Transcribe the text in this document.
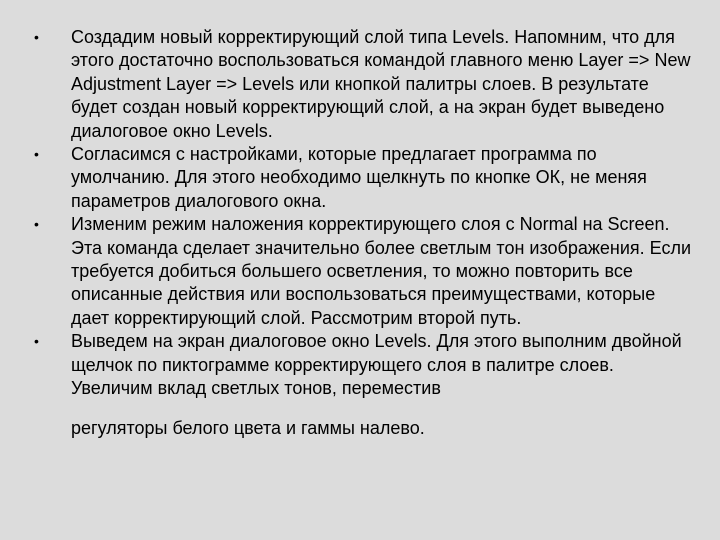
• Создадим новый корректирующий слой типа Levels. Напомним, что для этого достаточно воспользоваться командой главного меню Layer => New Adjustment Layer => Levels или кнопкой палитры слоев. В результате будет создан новый корректирующий слой, а на экран будет выведено диалоговое окно Levels.
• Согласимся с настройками, которые предлагает программа по умолчанию. Для этого необходимо щелкнуть по кнопке ОК, не меняя параметров диалогового окна.
• Изменим режим наложения корректирующего слоя с Normal на Screen. Эта команда сделает значительно более светлым тон изображения. Если требуется добиться большего осветления, то можно повторить все описанные действия или воспользоваться преимуществами, которые дает корректирующий слой. Рассмотрим второй путь.
• Выведем на экран диалоговое окно Levels. Для этого выполним двойной щелчок по пиктограмме корректирующего слоя в палитре слоев. Увеличим вклад светлых тонов, переместив
регуляторы белого цвета и гаммы налево.
